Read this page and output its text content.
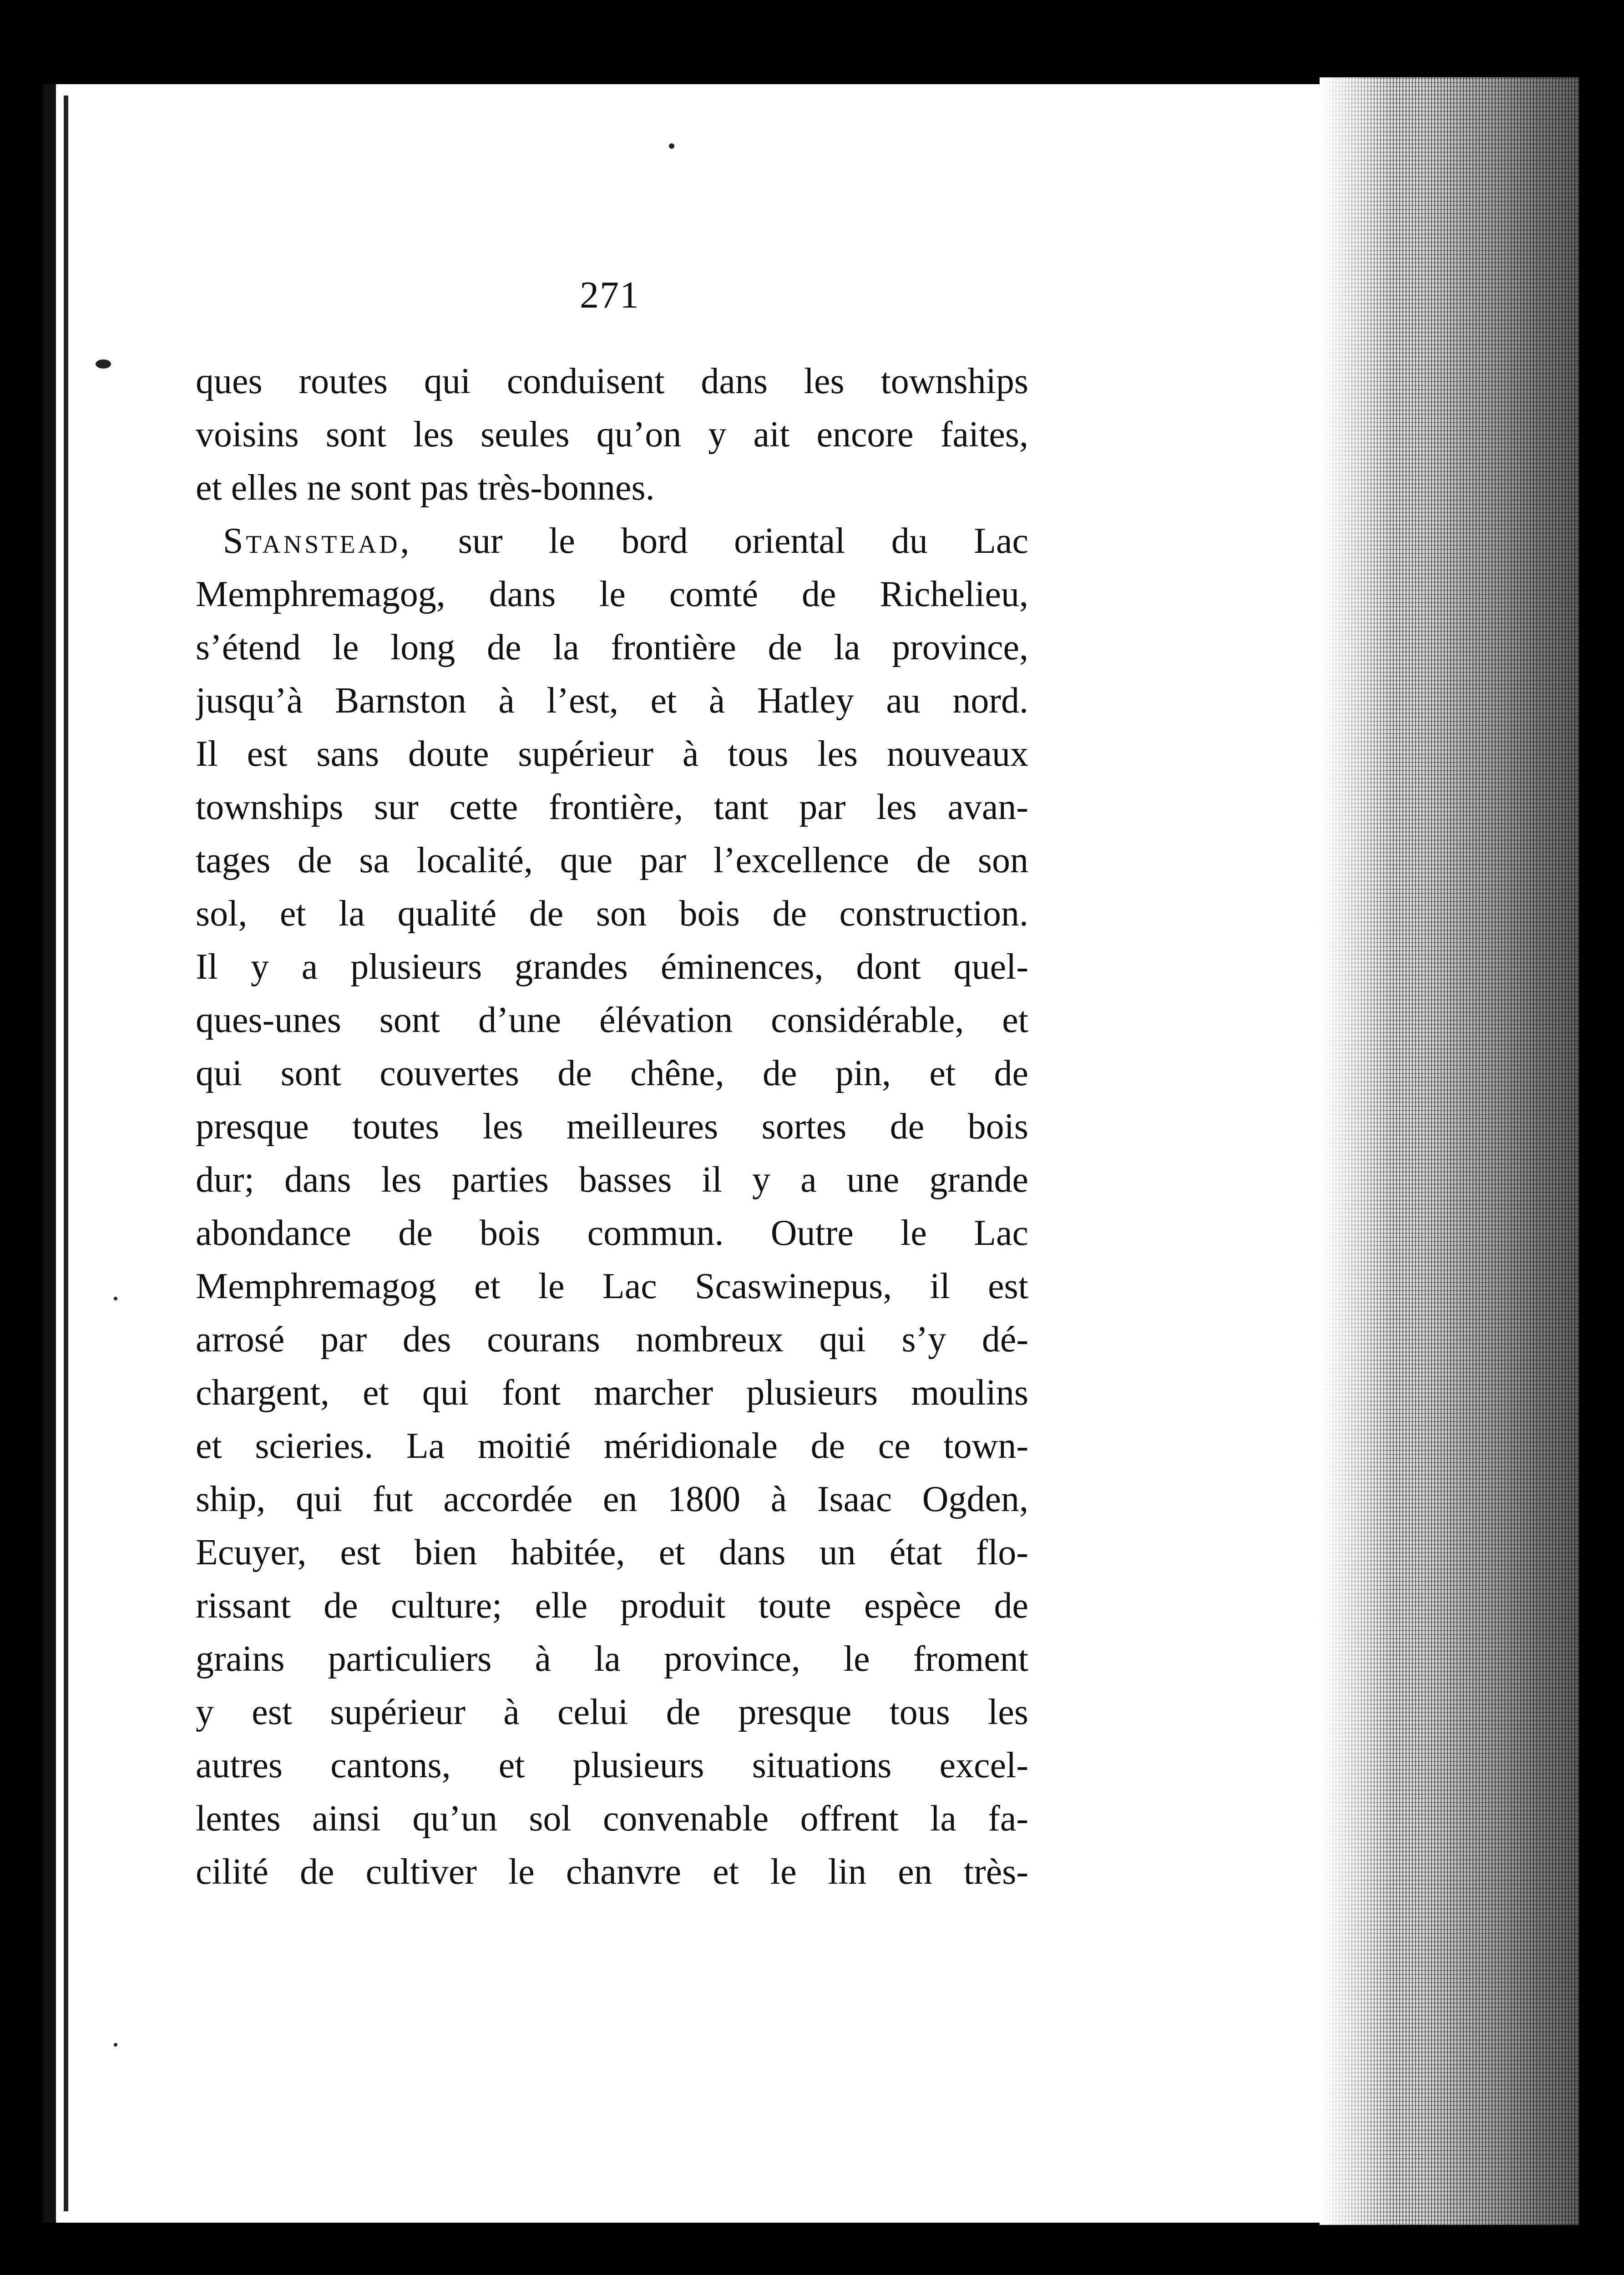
271
ques routes qui conduisent dans les townships
voisins sont les seules qu’on y ait encore faites,
et elles ne sont pas très-bonnes.
Stanstead, sur le bord oriental du Lac
Memphremagog, dans le comté de Richelieu,
s’étend le long de la frontière de la province,
jusqu’à Barnston à l’est, et à Hatley au nord.
Il est sans doute supérieur à tous les nouveaux
townships sur cette frontière, tant par les avan-
tages de sa localité, que par l’excellence de son
sol, et la qualité de son bois de construction.
Il y a plusieurs grandes éminences, dont quel-
ques-unes sont d’une élévation considérable, et
qui sont couvertes de chêne, de pin, et de
presque toutes les meilleures sortes de bois
dur; dans les parties basses il y a une grande
abondance de bois commun. Outre le Lac
Memphremagog et le Lac Scaswinepus, il est
arrosé par des courans nombreux qui s’y dé-
chargent, et qui font marcher plusieurs moulins
et scieries. La moitié méridionale de ce town-
ship, qui fut accordée en 1800 à Isaac Ogden,
Ecuyer, est bien habitée, et dans un état flo-
rissant de culture; elle produit toute espèce de
grains particuliers à la province, le froment
y est supérieur à celui de presque tous les
autres cantons, et plusieurs situations excel-
lentes ainsi qu’un sol convenable offrent la fa-
cilité de cultiver le chanvre et le lin en très-
